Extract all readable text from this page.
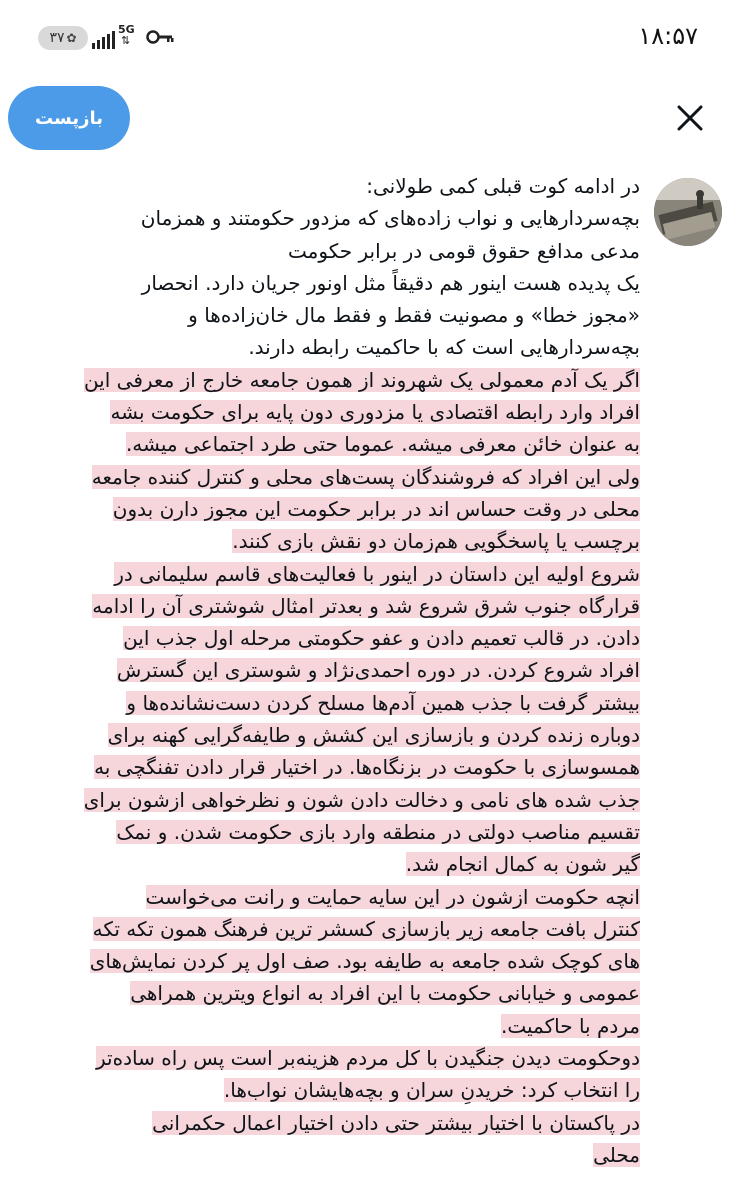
۳۷ ✿
5G
⇅	۱۸:۵۷
بازپست
در ادامه کوت قبلی کمی طولانی:
بچه‌سردارهایی و نواب زاده‌های که مزدور حکومتند و همزمان
مدعی مدافع حقوق قومی در برابر حکومت
یک پدیده هست اینور هم دقیقاً مثل اونور جریان دارد. انحصار
«مجوز خطا» و مصونیت فقط و فقط مال خان‌زاده‌ها و
بچه‌سردارهایی است که با حاکمیت رابطه دارند.
اگر یک آدم معمولی یک شهروند از همون جامعه خارج از معرفی این
افراد وارد رابطه اقتصادی یا مزدوری دون پایه برای حکومت بشه
به عنوان خائن معرفی میشه. عموما حتی طرد اجتماعی میشه.
ولی این افراد که فروشندگان پست‌های محلی و کنترل کننده جامعه
محلی در وقت حساس اند در برابر حکومت این مجوز دارن بدون
برچسب یا پاسخگویی هم‌زمان دو نقش بازی کنند.
شروع اولیه این داستان در اینور با فعالیت‌های قاسم سلیمانی در
قرارگاه جنوب شرق شروع شد و بعدتر امثال شوشتری آن را ادامه
دادن. در قالب تعمیم دادن و عفو حکومتی مرحله اول جذب این
افراد شروع کردن. در دوره احمدی‌نژاد و شوستری این گسترش
بیشتر گرفت با جذب همین آدم‌ها مسلح کردن دست‌نشانده‌ها و
دوباره زنده کردن و بازسازی این کشش و طایفه‌گرایی کهنه برای
همسوسازی با حکومت در بزنگاه‌ها. در اختیار قرار دادن تفنگچی به
جذب شده های نامی و دخالت دادن شون و نظرخواهی ازشون برای
تقسیم مناصب دولتی در منطقه وارد بازی حکومت شدن. و نمک
گیر شون به کمال انجام شد.
انچه حکومت ازشون در این سایه حمایت و رانت می‌خواست
کنترل بافت جامعه زیر بازسازی کسشر ترین فرهنگ همون تکه تکه
های کوچک شده جامعه به طایفه بود. صف اول پر کردن نمایش‌های
عمومی و خیابانی حکومت با این افراد به انواع ویترین همراهی
مردم با حاکمیت.
دوحکومت دیدن جنگیدن با کل مردم هزینه‌بر است پس راه ساده‌تر
را انتخاب کرد: خریدنِ سران و بچه‌هایشان نواب‌ها.
در پاکستان با اختیار بیشتر حتی دادن اختیار اعمال حکمرانی
محلی
